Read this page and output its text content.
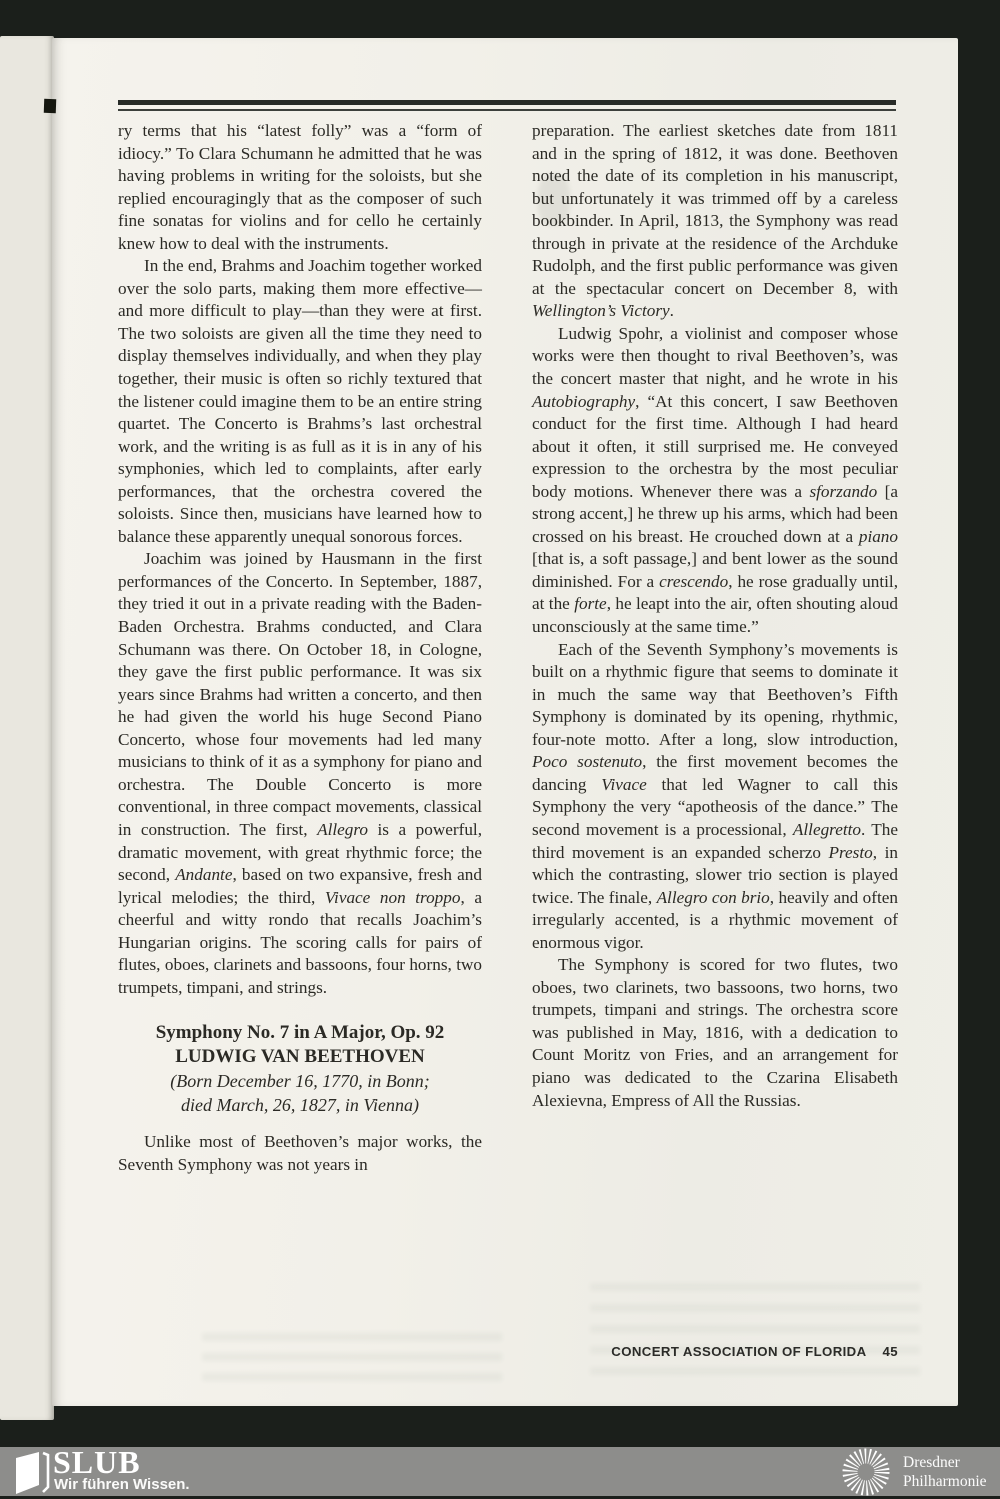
ry terms that his “latest folly” was a “form of idiocy.” To Clara Schumann he admitted that he was having problems in writing for the soloists, but she replied encouragingly that as the composer of such fine sonatas for violins and for cello he certainly knew how to deal with the instruments.

In the end, Brahms and Joachim together worked over the solo parts, making them more effective—and more difficult to play—than they were at first. The two soloists are given all the time they need to display themselves individually, and when they play together, their music is often so richly textured that the listener could imagine them to be an entire string quartet. The Concerto is Brahms’s last orchestral work, and the writing is as full as it is in any of his symphonies, which led to complaints, after early performances, that the orchestra covered the soloists. Since then, musicians have learned how to balance these apparently unequal sonorous forces.

Joachim was joined by Hausmann in the first performances of the Concerto. In September, 1887, they tried it out in a private reading with the Baden-Baden Orchestra. Brahms conducted, and Clara Schumann was there. On October 18, in Cologne, they gave the first public performance. It was six years since Brahms had written a concerto, and then he had given the world his huge Second Piano Concerto, whose four movements had led many musicians to think of it as a symphony for piano and orchestra. The Double Concerto is more conventional, in three compact movements, classical in construction. The first, Allegro is a powerful, dramatic movement, with great rhythmic force; the second, Andante, based on two expansive, fresh and lyrical melodies; the third, Vivace non troppo, a cheerful and witty rondo that recalls Joachim’s Hungarian origins. The scoring calls for pairs of flutes, oboes, clarinets and bassoons, four horns, two trumpets, timpani, and strings.

Symphony No. 7 in A Major, Op. 92
LUDWIG VAN BEETHOVEN
(Born December 16, 1770, in Bonn;
died March, 26, 1827, in Vienna)

Unlike most of Beethoven’s major works, the Seventh Symphony was not years in

preparation. The earliest sketches date from 1811 and in the spring of 1812, it was done. Beethoven noted the date of its completion in his manuscript, but unfortunately it was trimmed off by a careless bookbinder. In April, 1813, the Symphony was read through in private at the residence of the Archduke Rudolph, and the first public performance was given at the spectacular concert on December 8, with Wellington’s Victory.

Ludwig Spohr, a violinist and composer whose works were then thought to rival Beethoven’s, was the concert master that night, and he wrote in his Autobiography, “At this concert, I saw Beethoven conduct for the first time. Although I had heard about it often, it still surprised me. He conveyed expression to the orchestra by the most peculiar body motions. Whenever there was a sforzando [a strong accent,] he threw up his arms, which had been crossed on his breast. He crouched down at a piano [that is, a soft passage,] and bent lower as the sound diminished. For a crescendo, he rose gradually until, at the forte, he leapt into the air, often shouting aloud unconsciously at the same time.”

Each of the Seventh Symphony’s movements is built on a rhythmic figure that seems to dominate it in much the same way that Beethoven’s Fifth Symphony is dominated by its opening, rhythmic, four-note motto. After a long, slow introduction, Poco sostenuto, the first movement becomes the dancing Vivace that led Wagner to call this Symphony the very “apotheosis of the dance.” The second movement is a processional, Allegretto. The third movement is an expanded scherzo Presto, in which the contrasting, slower trio section is played twice. The finale, Allegro con brio, heavily and often irregularly accented, is a rhythmic movement of enormous vigor.

The Symphony is scored for two flutes, two oboes, two clarinets, two bassoons, two horns, two trumpets, timpani and strings. The orchestra score was published in May, 1816, with a dedication to Count Moritz von Fries, and an arrangement for piano was dedicated to the Czarina Elisabeth Alexievna, Empress of All the Russias.

CONCERT ASSOCIATION OF FLORIDA 45
SLUB
Wir führen Wissen.
Dresdner
Philharmonie
